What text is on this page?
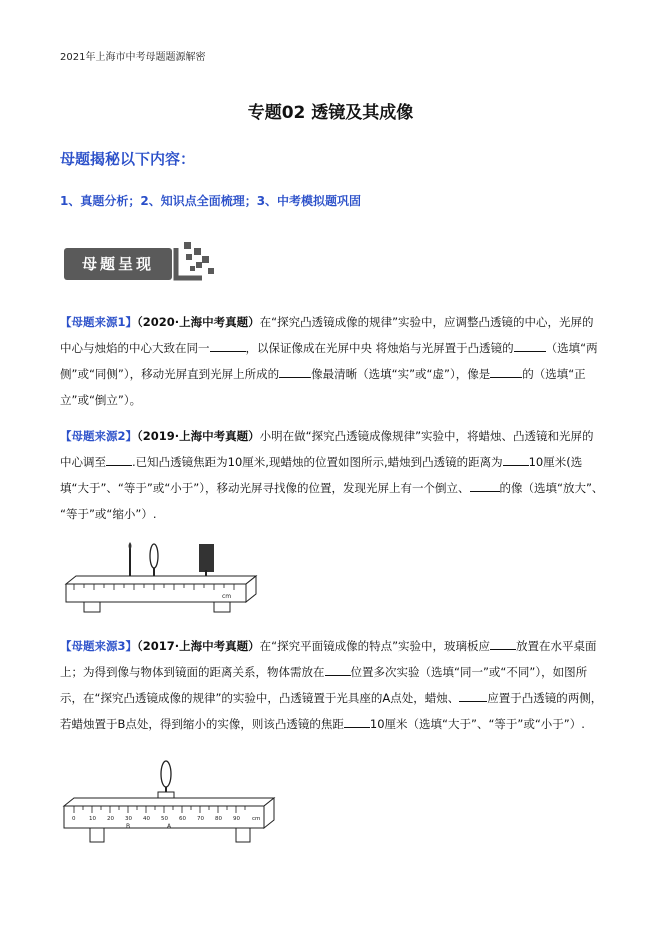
2021年上海市中考母题题源解密
专题02 透镜及其成像
母题揭秘以下内容：
1、真题分析；2、知识点全面梳理；3、中考模拟题巩固
母题呈现
【母题来源1】（2020·上海中考真题）在“探究凸透镜成像的规律”实验中，应调整凸透镜的中心，光屏的
中心与烛焰的中心大致在同一	，以保证像成在光屏中央 将烛焰与光屏置于凸透镜的	（选填“两
侧”或“同侧”），移动光屏直到光屏上所成的	像最清晰（选填“实”或“虚”），像是	的（选填“正
立”或“倒立”）。
【母题来源2】（2019·上海中考真题）小明在做“探究凸透镜成像规律”实验中，将蜡烛、凸透镜和光屏的
中心调至 .已知凸透镜焦距为10厘米,现蜡烛的位置如图所示,蜡烛到凸透镜的距离为 10厘米(选
填“大于”、“等于”或“小于”），移动光屏寻找像的位置，发现光屏上有一个倒立、	的像（选填“放大”、
“等于”或“缩小”）.
cm
【母题来源3】（2017·上海中考真题）在“探究平面镜成像的特点”实验中，玻璃板应 放置在水平桌面
上；为得到像与物体到镜面的距离关系，物体需放在 位置多次实验（选填“同一”或“不同”），如图所
示，在“探究凸透镜成像的规律”的实验中，凸透镜置于光具座的A点处，蜡烛、 应置于凸透镜的两侧，
若蜡烛置于B点处，得到缩小的实像，则该凸透镜的焦距 10厘米（选填“大于”、“等于”或“小于”）.
0 10 20 30 40 50 60 70 80 90 cm
B	A
